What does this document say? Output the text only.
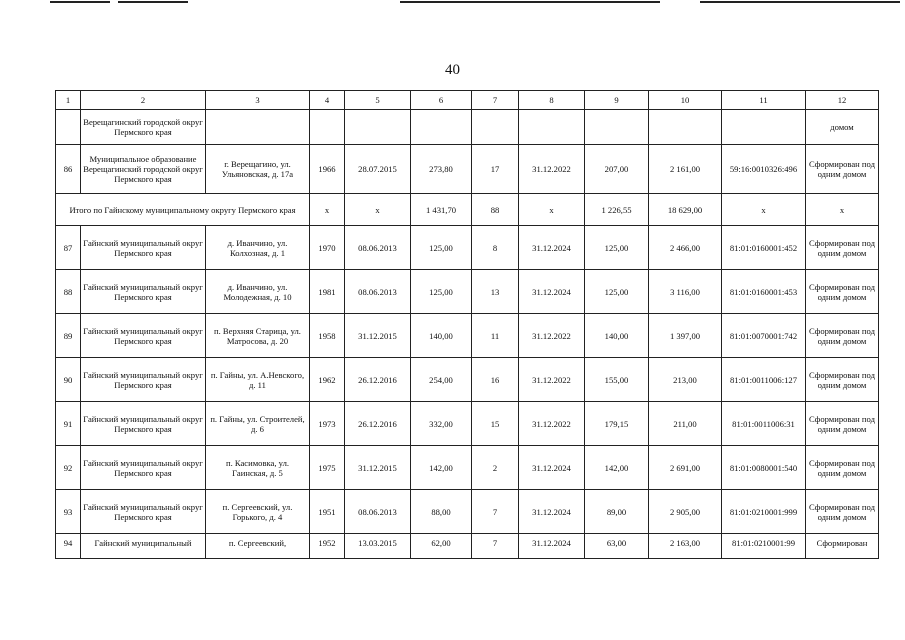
40
1	2	3	4	5	6	7	8	9	10	11	12
	Верещагинский городской округ Пермского края										домом
86	Муниципальное образование Верещагинский городской округ Пермского края	г. Верещагино, ул. Ульяновская, д. 17а	1966	28.07.2015	273,80	17	31.12.2022	207,00	2 161,00	59:16:0010326:496	Сформирован под одним домом
Итого по Гайнскому муниципальному округу Пермского края			x	x	1 431,70	88	x	1 226,55	18 629,00	x	x
87	Гайнский муниципальный округ Пермского края	д. Иванчино, ул. Колхозная, д. 1	1970	08.06.2013	125,00	8	31.12.2024	125,00	2 466,00	81:01:0160001:452	Сформирован под одним домом
88	Гайнский муниципальный округ Пермского края	д. Иванчино, ул. Молодежная, д. 10	1981	08.06.2013	125,00	13	31.12.2024	125,00	3 116,00	81:01:0160001:453	Сформирован под одним домом
89	Гайнский муниципальный округ Пермского края	п. Верхняя Старица, ул. Матросова, д. 20	1958	31.12.2015	140,00	11	31.12.2022	140,00	1 397,00	81:01:0070001:742	Сформирован под одним домом
90	Гайнский муниципальный округ Пермского края	п. Гайны, ул. А.Невского, д. 11	1962	26.12.2016	254,00	16	31.12.2022	155,00	213,00	81:01:0011006:127	Сформирован под одним домом
91	Гайнский муниципальный округ Пермского края	п. Гайны, ул. Строителей, д. 6	1973	26.12.2016	332,00	15	31.12.2022	179,15	211,00	81:01:0011006:31	Сформирован под одним домом
92	Гайнский муниципальный округ Пермского края	п. Касимовка, ул. Гаинская, д. 5	1975	31.12.2015	142,00	2	31.12.2024	142,00	2 691,00	81:01:0080001:540	Сформирован под одним домом
93	Гайнский муниципальный округ Пермского края	п. Сергеевский, ул. Горького, д. 4	1951	08.06.2013	88,00	7	31.12.2024	89,00	2 905,00	81:01:0210001:999	Сформирован под одним домом
94	Гайнский муниципальный	п. Сергеевский,	1952	13.03.2015	62,00	7	31.12.2024	63,00	2 163,00	81:01:0210001:99	Сформирован
